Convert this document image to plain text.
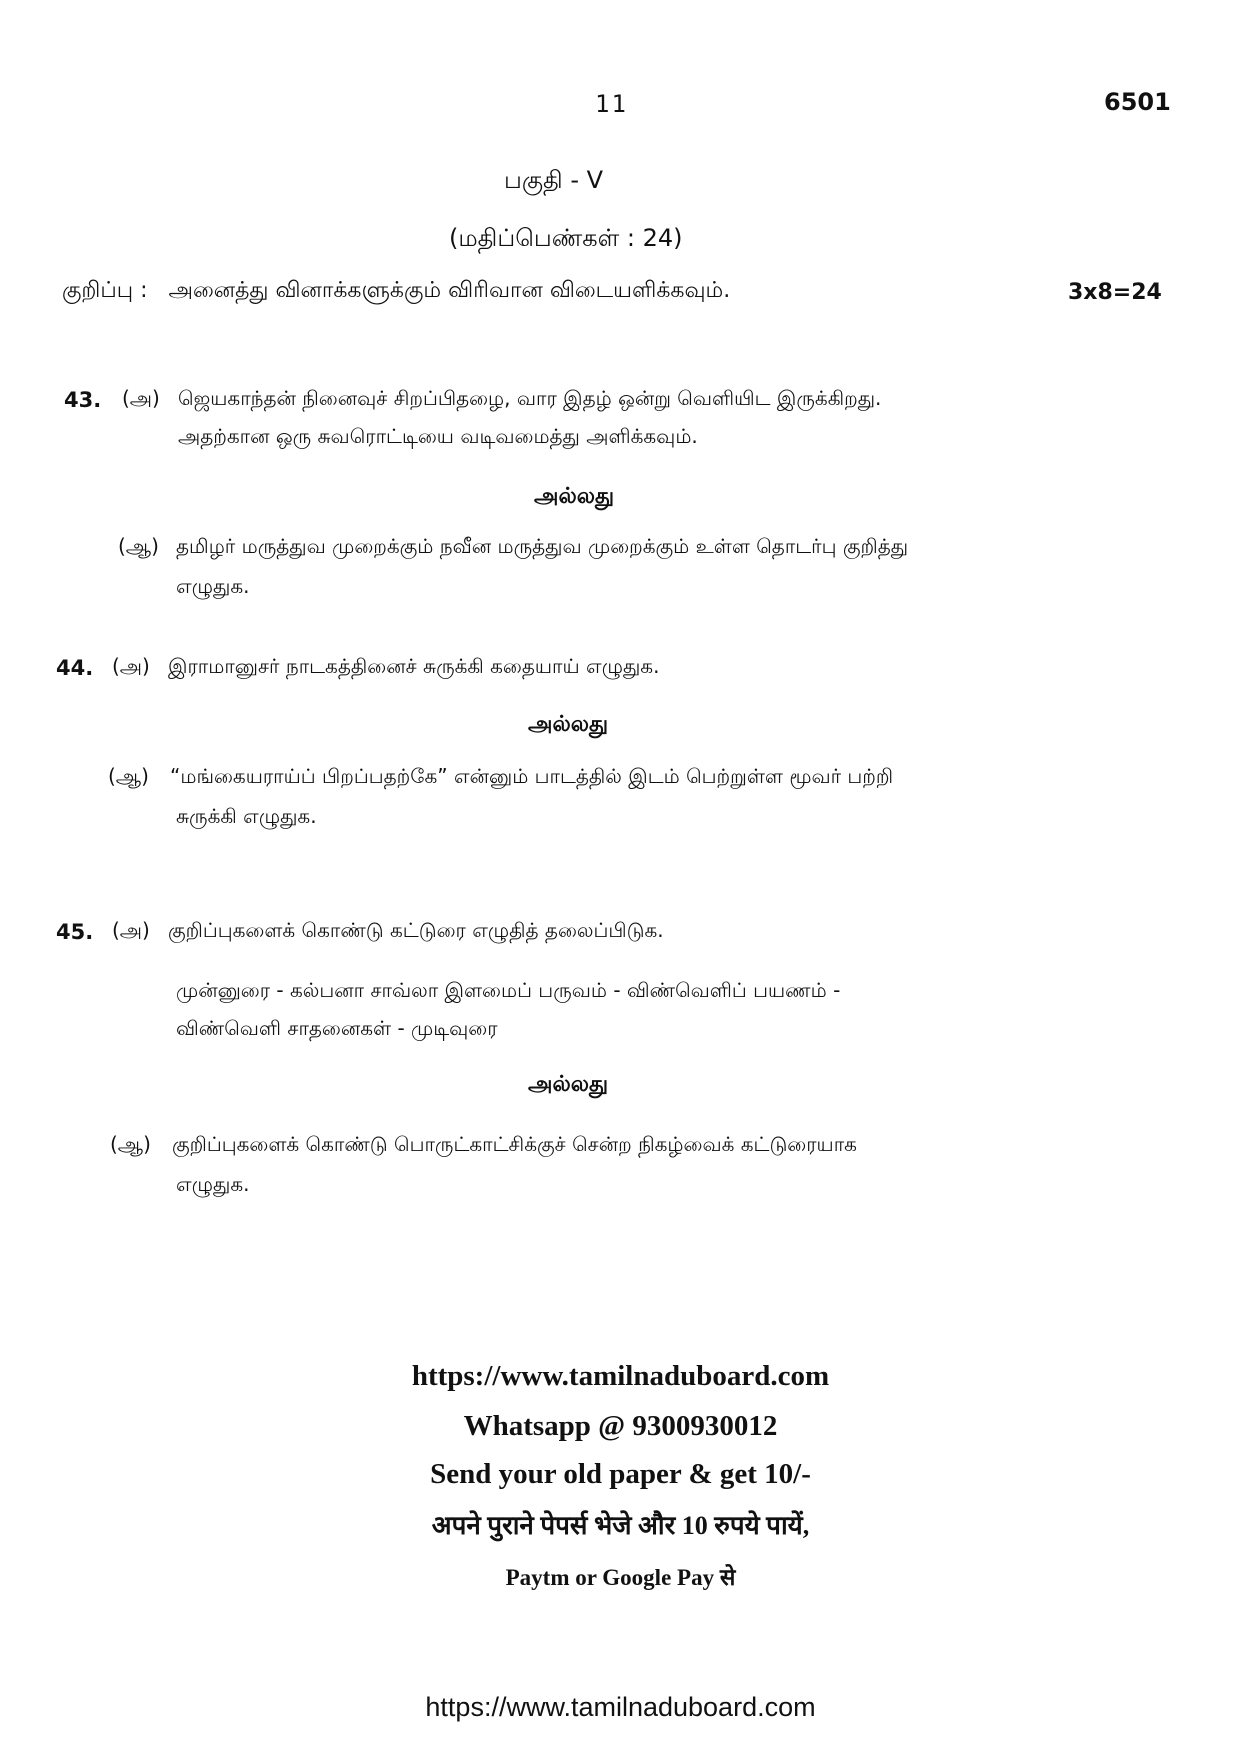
11	6501
பகுதி - V
(மதிப்பெண்கள் : 24)
குறிப்பு : அனைத்து வினாக்களுக்கும் விரிவான விடையளிக்கவும்.	3x8=24
43. (அ) ஜெயகாந்தன் நினைவுச் சிறப்பிதழை, வார இதழ் ஒன்று வெளியிட இருக்கிறது.
அதற்கான ஒரு சுவரொட்டியை வடிவமைத்து அளிக்கவும்.
அல்லது
(ஆ) தமிழர் மருத்துவ முறைக்கும் நவீன மருத்துவ முறைக்கும் உள்ள தொடர்பு குறித்து
எழுதுக.
44. (அ) இராமானுசர் நாடகத்தினைச் சுருக்கி கதையாய் எழுதுக.
அல்லது
(ஆ) “மங்கையராய்ப் பிறப்பதற்கே” என்னும் பாடத்தில் இடம் பெற்றுள்ள மூவர் பற்றி
சுருக்கி எழுதுக.
45. (அ) குறிப்புகளைக் கொண்டு கட்டுரை எழுதித் தலைப்பிடுக.
முன்னுரை - கல்பனா சாவ்லா இளமைப் பருவம் - விண்வெளிப் பயணம் -
விண்வெளி சாதனைகள் - முடிவுரை
அல்லது
(ஆ) குறிப்புகளைக் கொண்டு பொருட்காட்சிக்குச் சென்ற நிகழ்வைக் கட்டுரையாக
எழுதுக.
https://www.tamilnaduboard.com
Whatsapp @ 9300930012
Send your old paper & get 10/-
अपने पुराने पेपर्स भेजे और 10 रुपये पायें,
Paytm or Google Pay से
https://www.tamilnaduboard.com
